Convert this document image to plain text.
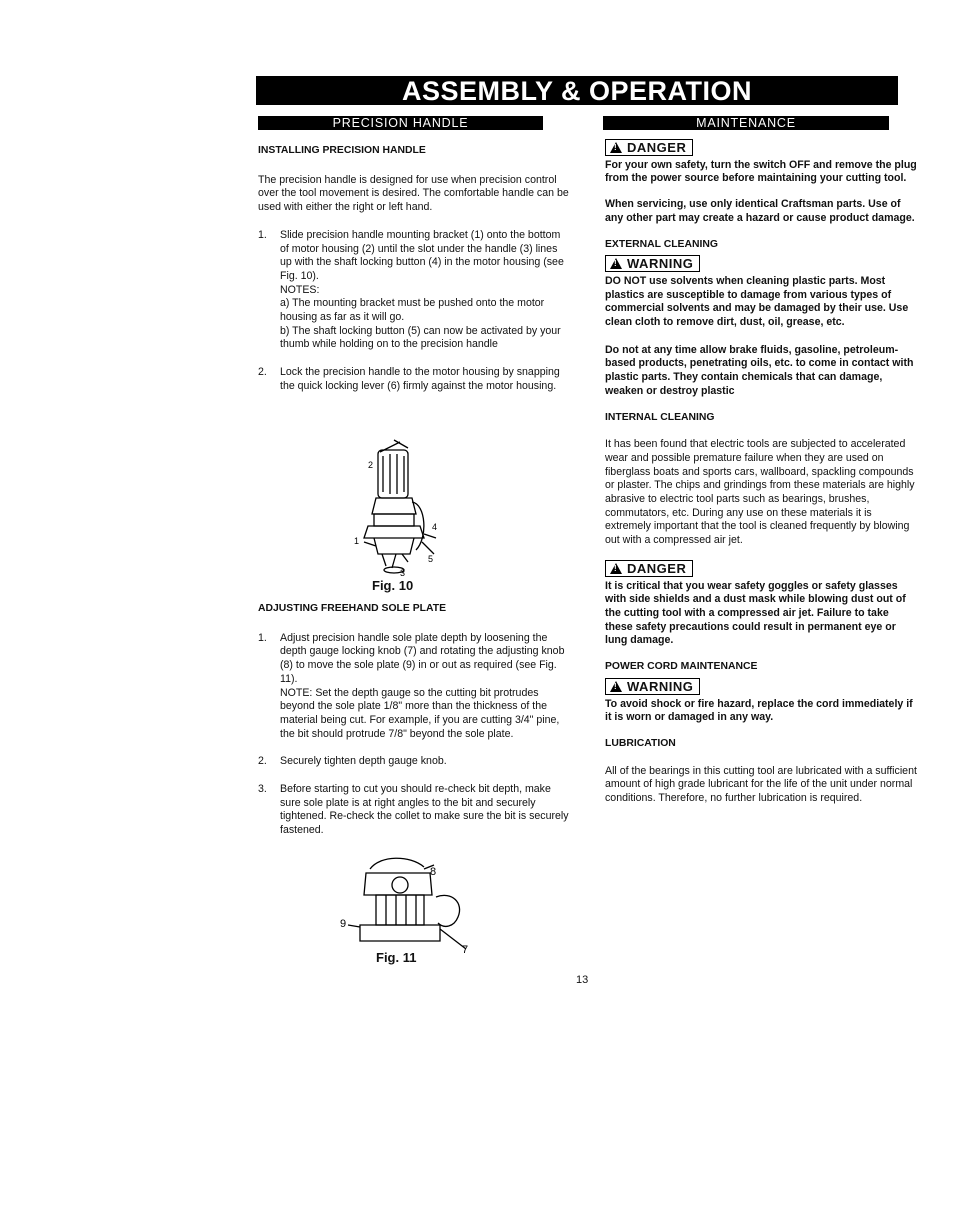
ASSEMBLY & OPERATION
PRECISION HANDLE

INSTALLING PRECISION HANDLE

The precision handle is designed for use when precision control over the tool movement is desired. The comfortable handle can be used with either the right or left hand.

1.	Slide precision handle mounting bracket (1) onto the bottom of motor housing (2) until the slot under the handle (3) lines up with the shaft locking button (4) in the motor housing (see Fig. 10).

NOTES:

a) The mounting bracket must be pushed onto the motor housing as far as it will go.

b) The shaft locking button (5) can now be activated by your thumb while holding on to the precision handle

2.	Lock the precision handle to the motor housing by snapping the quick locking lever (6) firmly against the motor housing.

2
1
3
5
4
Fig. 10

ADJUSTING FREEHAND SOLE PLATE

1.	Adjust precision handle sole plate depth by loosening the depth gauge locking knob (7) and rotating the adjusting knob (8) to move the sole plate (9) in or out as required (see Fig. 11).

NOTE: Set the depth gauge so the cutting bit protrudes beyond the sole plate 1/8" more than the thickness of the material being cut. For example, if you are cutting 3/4" pine, the bit should protrude 7/8" beyond the sole plate.

2.	Securely tighten depth gauge knob.

3.	Before starting to cut you should re-check bit depth, make sure sole plate is at right angles to the bit and securely tightened. Re-check the collet to make sure the bit is securely fastened.

8
9
7
Fig. 11
MAINTENANCE
!DANGER

For your own safety, turn the switch OFF and remove the plug from the power source before maintaining your cutting tool.

When servicing, use only identical Craftsman parts. Use of any other part may create a hazard or cause product damage.

EXTERNAL CLEANING

!WARNING

DO NOT use solvents when cleaning plastic parts. Most plastics are susceptible to damage from various types of commercial solvents and may be damaged by their use. Use clean cloth to remove dirt, dust, oil, grease, etc.

Do not at any time allow brake fluids, gasoline, petroleum-based products, penetrating oils, etc. to come in contact with plastic parts. They contain chemicals that can damage, weaken or destroy plastic

INTERNAL CLEANING

It has been found that electric tools are subjected to accelerated wear and possible premature failure when they are used on fiberglass boats and sports cars, wallboard, spackling compounds or plaster. The chips and grindings from these materials are highly abrasive to electric tool parts such as bearings, brushes, commutators, etc. During any use on these materials it is extremely important that the tool is cleaned frequently by blowing out with a compressed air jet.

!DANGER

It is critical that you wear safety goggles or safety glasses with side shields and a dust mask while blowing dust out of the cutting tool with a compressed air jet. Failure to take these safety precautions could result in permanent eye or lung damage.

POWER CORD MAINTENANCE

!WARNING

To avoid shock or fire hazard, replace the cord immediately if it is worn or damaged in any way.

LUBRICATION

All of the bearings in this cutting tool are lubricated with a sufficient amount of high grade lubricant for the life of the unit under normal conditions. Therefore, no further lubrication is required.

13
